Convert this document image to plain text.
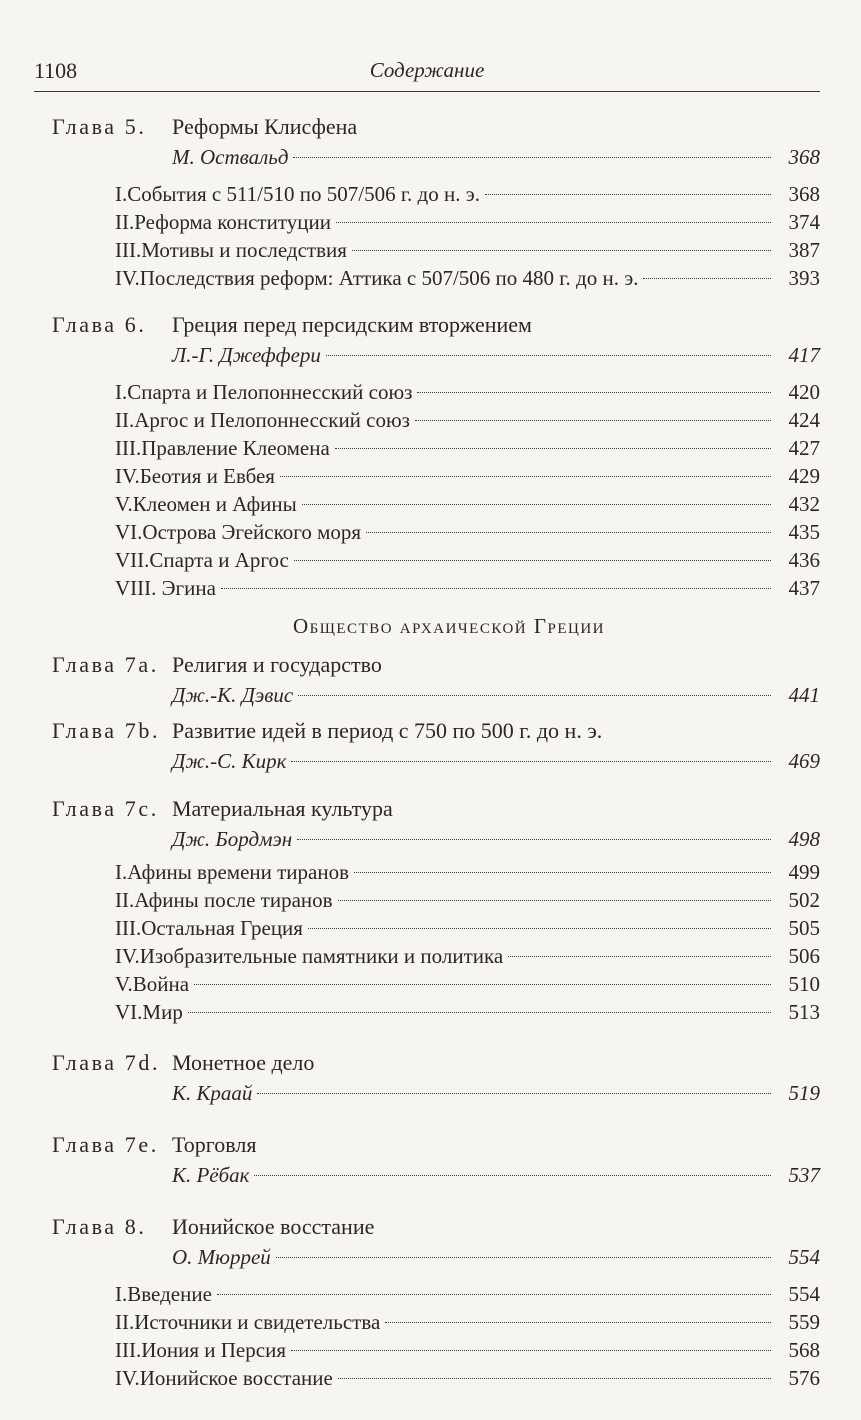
1108	Содержание
Глава 5.	Реформы Клисфена
М. Оствальд	368
I.События с 511/510 по 507/506 г. до н. э.	368
II.Реформа конституции	374
III.Мотивы и последствия	387
IV.Последствия реформ: Аттика с 507/506 по 480 г. до н. э.	393
Глава 6.	Греция перед персидским вторжением
Л.-Г. Джеффери	417
I.Спарта и Пелопоннесский союз	420
II.Аргос и Пелопоннесский союз	424
III.Правление Клеомена	427
IV.Беотия и Евбея	429
V.Клеомен и Афины	432
VI.Острова Эгейского моря	435
VII.Спарта и Аргос	436
VIII. Эгина	437
Общество архаической Греции
Глава 7а. Религия и государство
Дж.-К. Дэвис	441
Глава 7b. Развитие идей в период с 750 по 500 г. до н. э.
Дж.-С. Кирк	469
Глава 7с. Материальная культура
Дж. Бордмэн	498
I.Афины времени тиранов	499
II.Афины после тиранов	502
III.Остальная Греция	505
IV.Изобразительные памятники и политика	506
V.Война	510
VI.Мир	513
Глава 7d. Монетное дело
К. Краай	519
Глава 7е. Торговля
К. Рёбак	537
Глава 8.	Ионийское восстание
О. Мюррей	554
I.Введение	554
II.Источники и свидетельства	559
III.Иония и Персия	568
IV.Ионийское восстание	576
